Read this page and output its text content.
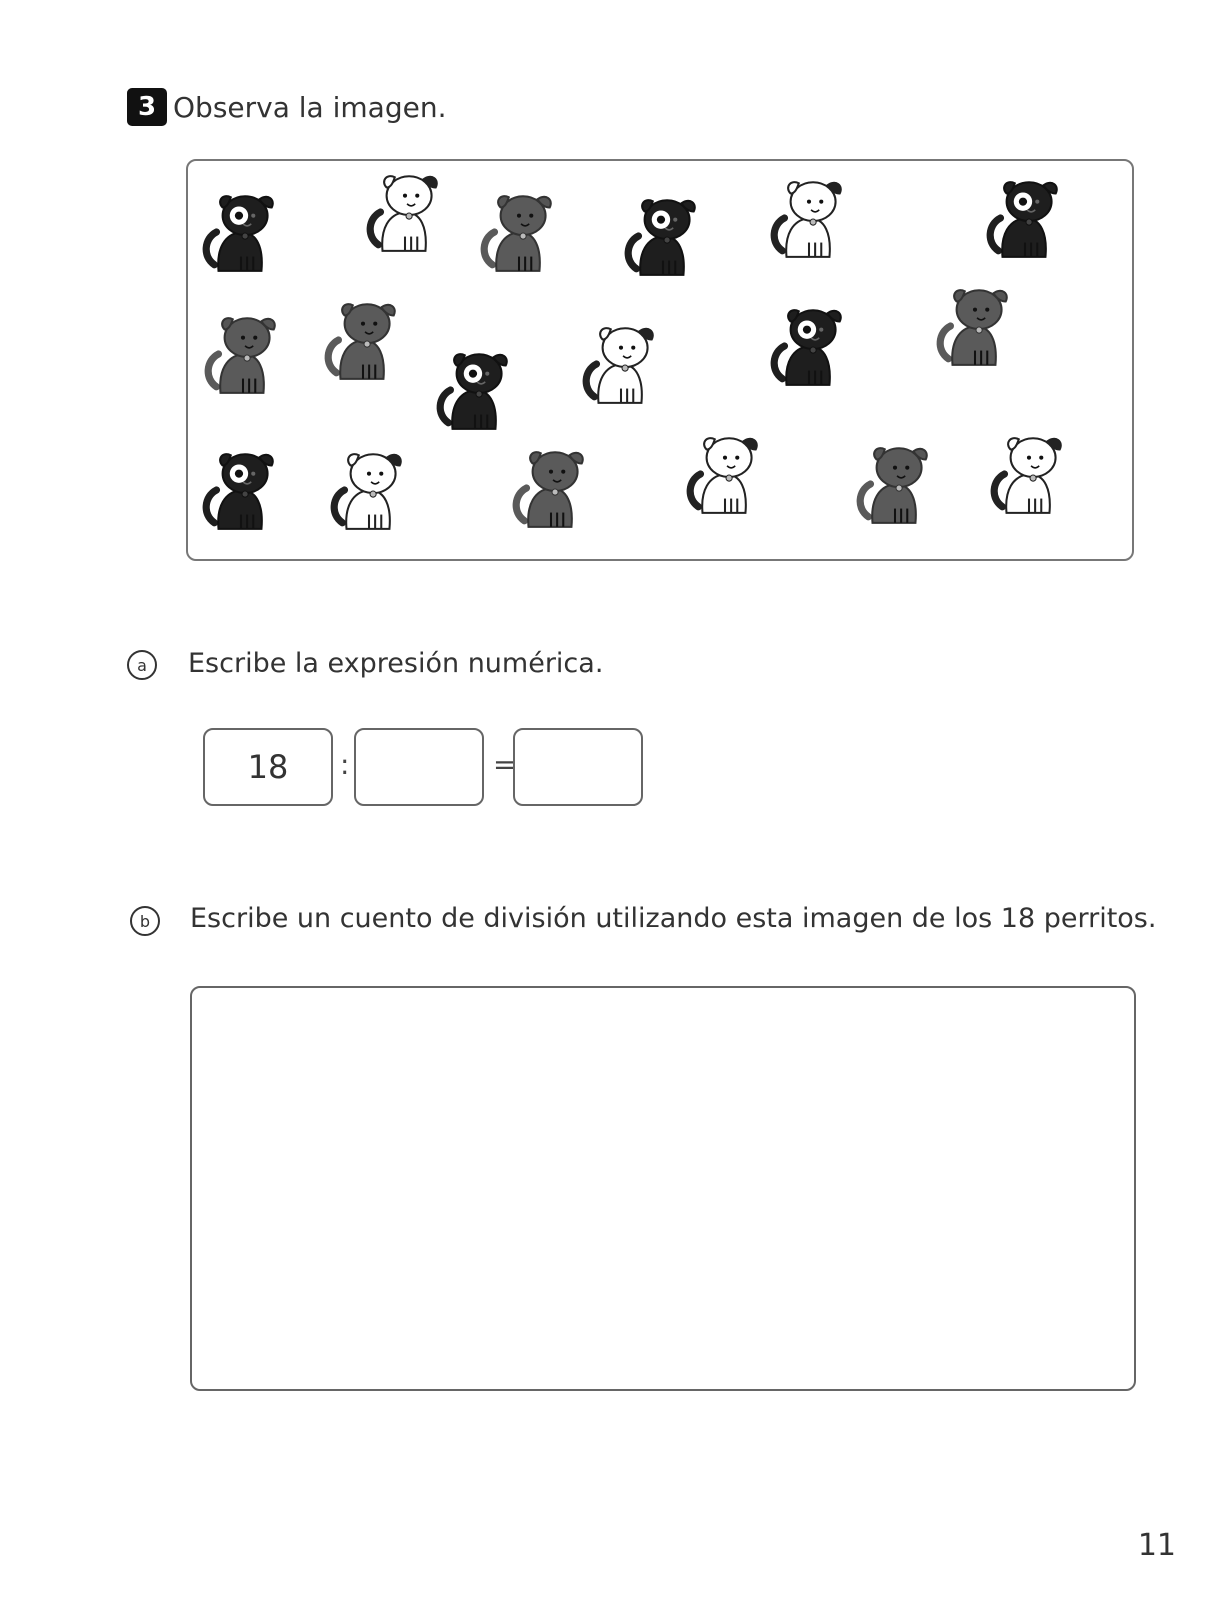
3 Observa la imagen.
a	Escribe la expresión numérica.
18	:	=
b	Escribe un cuento de división utilizando esta imagen de los 18 perritos.
11
